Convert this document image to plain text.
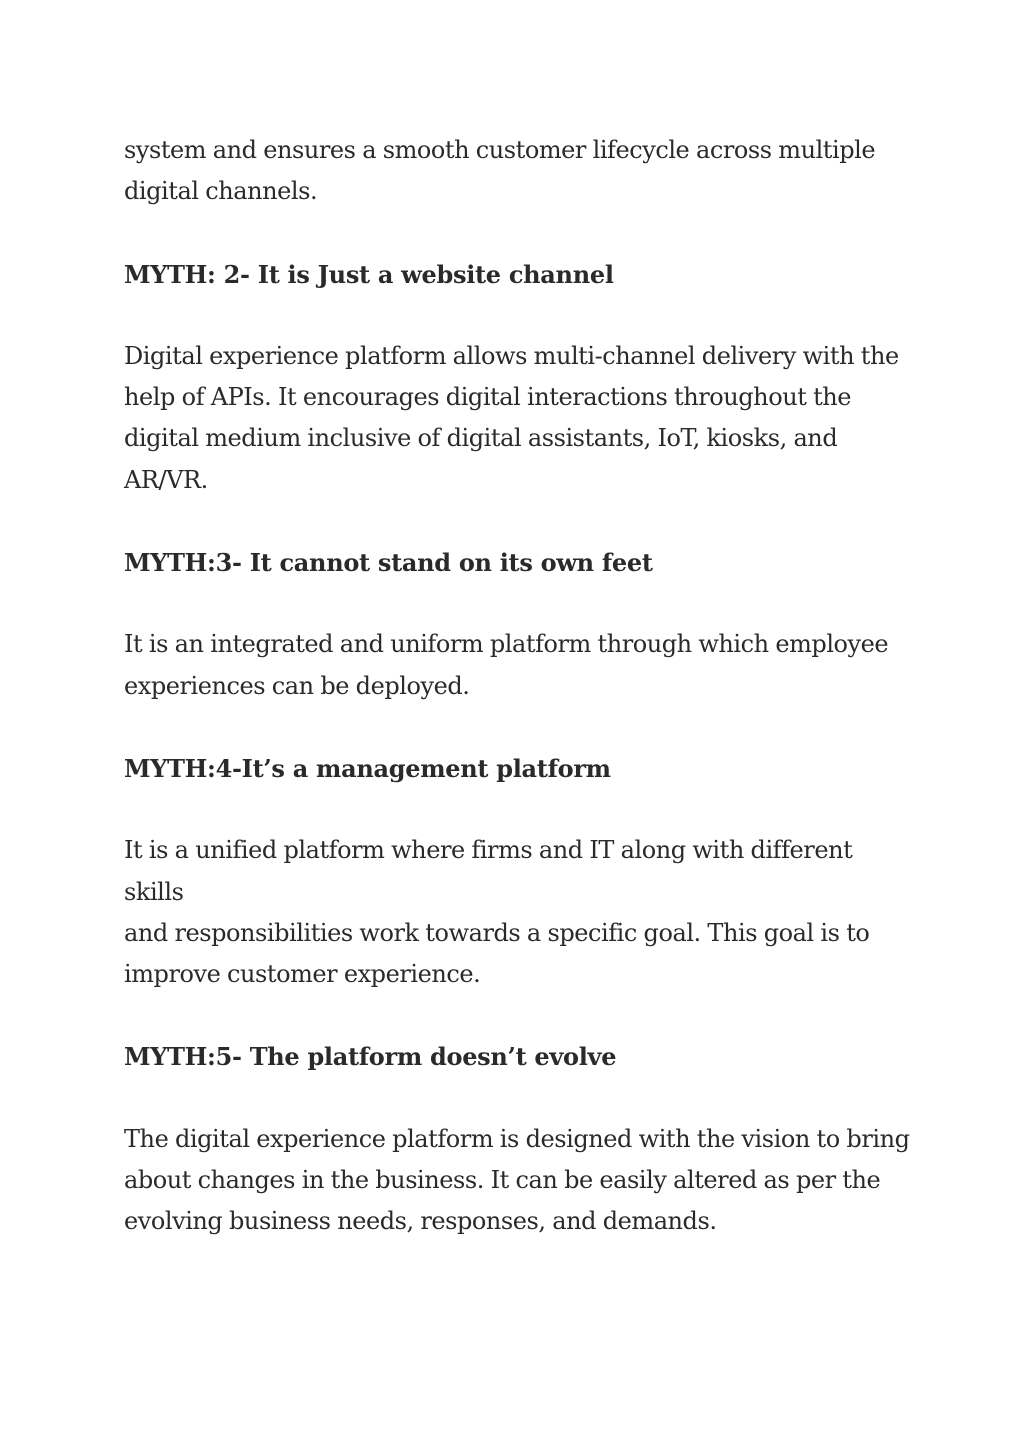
system and ensures a smooth customer lifecycle across multiple
digital channels.

MYTH: 2- It is Just a website channel

Digital experience platform allows multi-channel delivery with the
help of APIs. It encourages digital interactions throughout the
digital medium inclusive of digital assistants, IoT, kiosks, and
AR/VR.

MYTH:3- It cannot stand on its own feet

It is an integrated and uniform platform through which employee
experiences can be deployed.

MYTH:4-It’s a management platform

It is a unified platform where firms and IT along with different skills
and responsibilities work towards a specific goal. This goal is to
improve customer experience.

MYTH:5- The platform doesn’t evolve

The digital experience platform is designed with the vision to bring
about changes in the business. It can be easily altered as per the
evolving business needs, responses, and demands.
